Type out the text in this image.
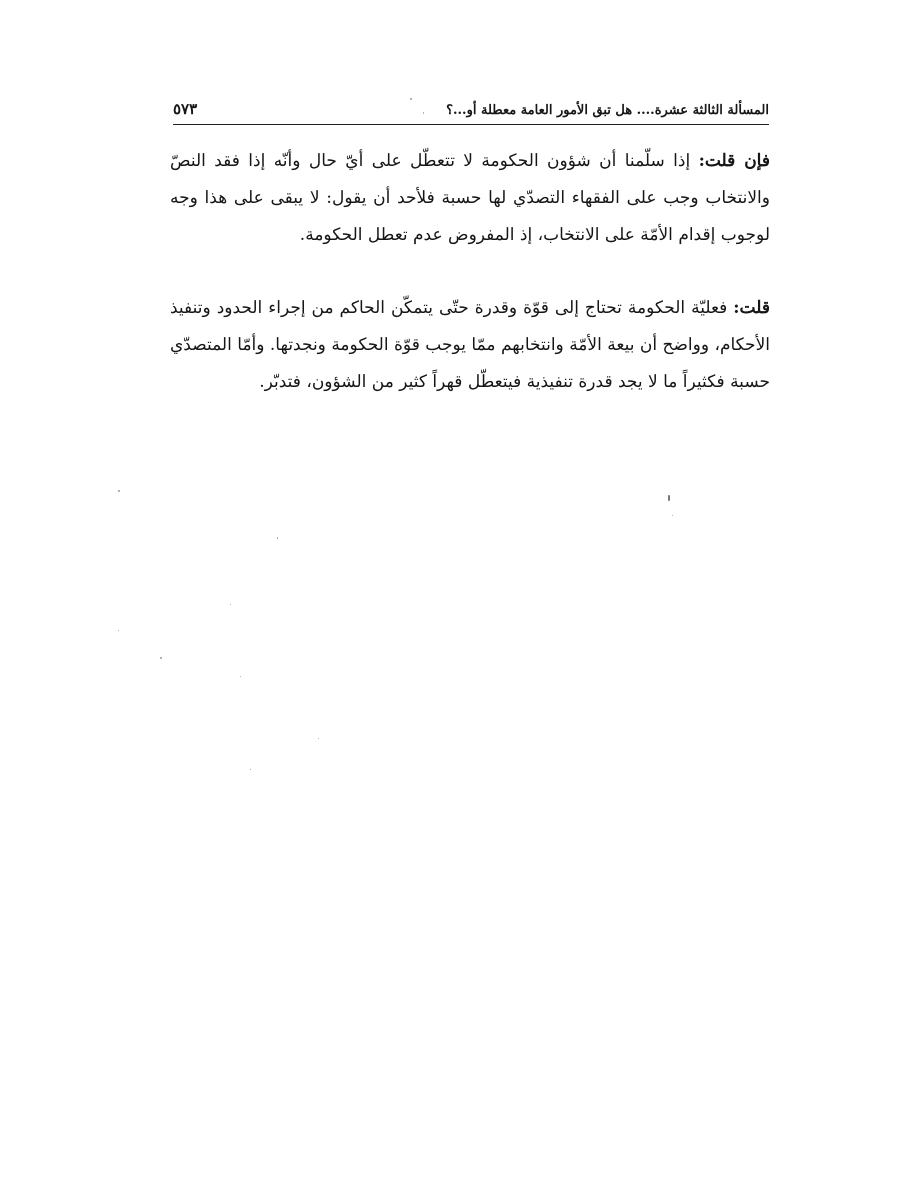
المسألة الثالثة عشرة.... هل تبق الأمور العامة معطلة أو...؟
٥٧٣

فإن قلت: إذا سلّمنا أن شؤون الحكومة لا تتعطّل على أيّ حال وأنّه إذا فقد النصّ والانتخاب وجب على الفقهاء التصدّي لها حسبة فلأحد أن يقول: لا يبقى على هذا وجه لوجوب إقدام الأمّة على الانتخاب، إذ المفروض عدم تعطل الحكومة.

قلت: فعليّة الحكومة تحتاج إلى قوّة وقدرة حتّى يتمكّن الحاكم من إجراء الحدود وتنفيذ الأحكام، وواضح أن بيعة الأمّة وانتخابهم ممّا يوجب قوّة الحكومة ونجدتها. وأمّا المتصدّي حسبة فكثيراً ما لا يجد قدرة تنفيذية فيتعطّل قهراً كثير من الشؤون، فتدبّر.
